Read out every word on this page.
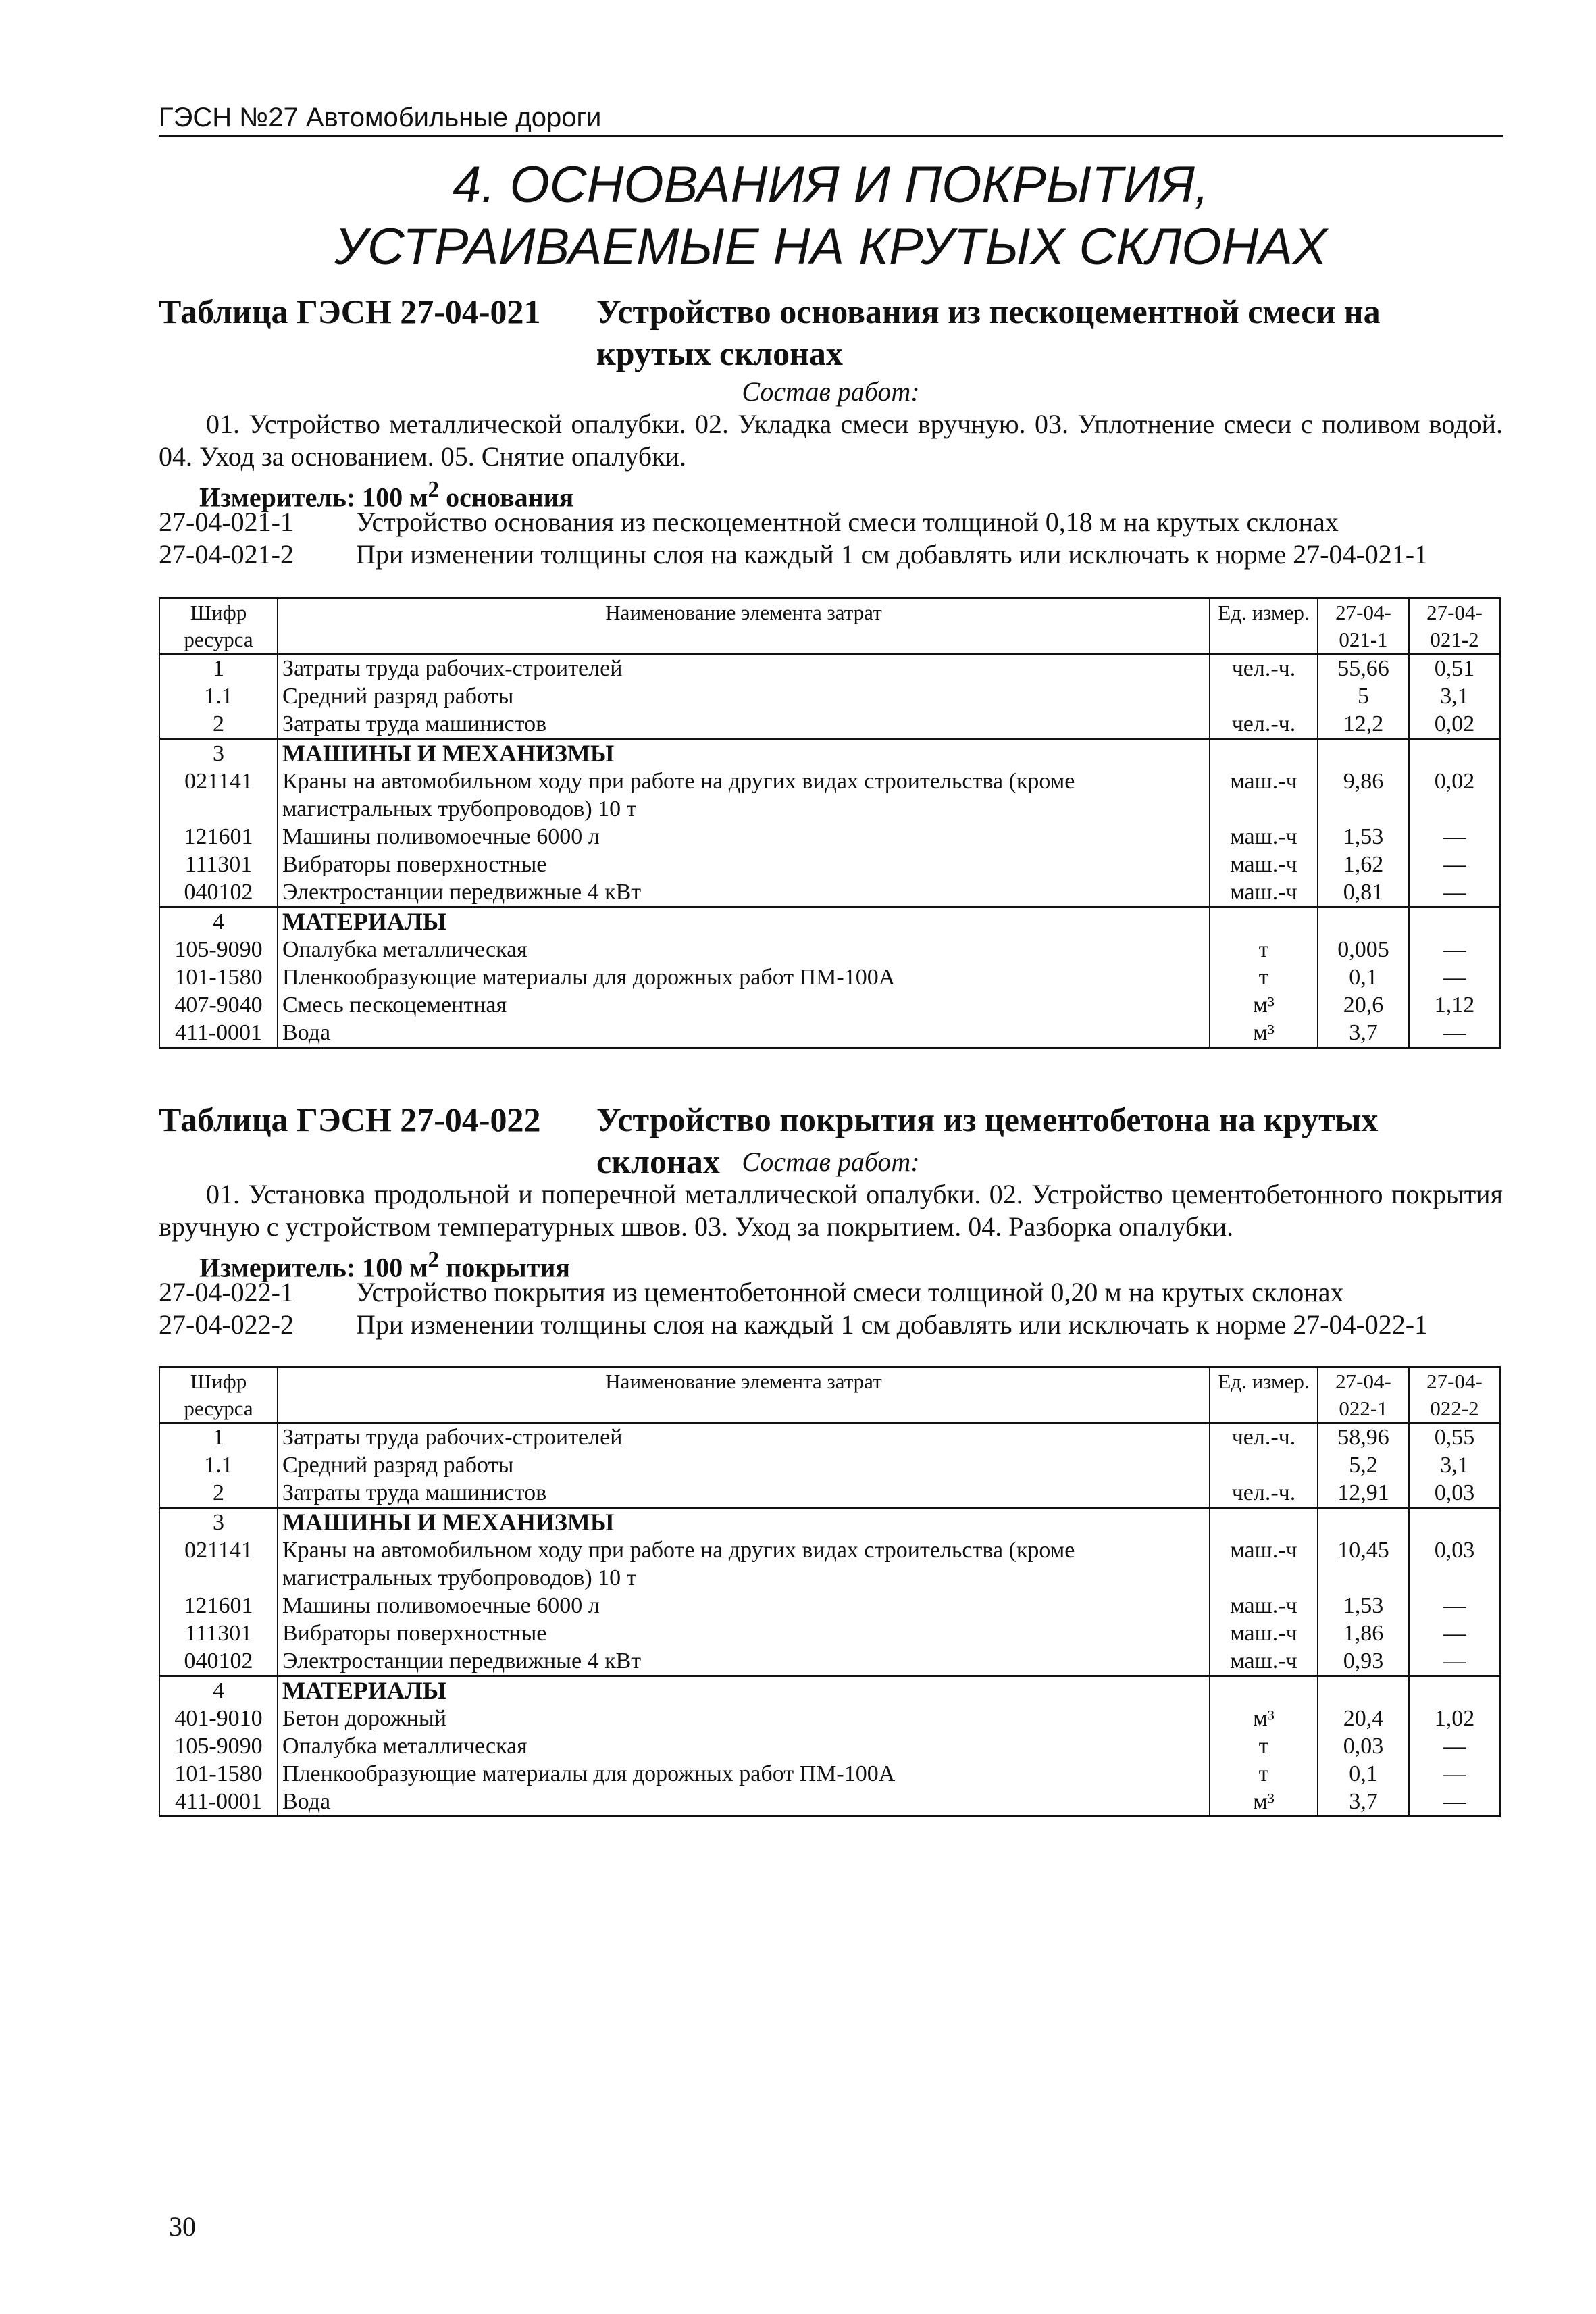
ГЭСН №27 Автомобильные дороги
4. ОСНОВАНИЯ И ПОКРЫТИЯ,
УСТРАИВАЕМЫЕ НА КРУТЫХ СКЛОНАХ
Таблица ГЭСН 27-04-021 Устройство основания из пескоцементной смеси на крутых склонах
Состав работ:
01. Устройство металлической опалубки. 02. Укладка смеси вручную. 03. Уплотнение смеси с поливом водой. 04. Уход за основанием. 05. Снятие опалубки.
Измеритель: 100 $м^2$ основания
27-04-021-1 Устройство основания из пескоцементной смеси толщиной 0,18 м на крутых склонах
27-04-021-2 При изменении толщины слоя на каждый 1 см добавлять или исключать к норме 27-04-021-1
Шифр ресурса	Наименование элемента затрат	Ед. измер.	27-04-021-1	27-04-021-2
1	Затраты труда рабочих-строителей	чел.-ч.	55,66	0,51
1.1	Средний разряд работы		5	3,1
2	Затраты труда машинистов	чел.-ч.	12,2	0,02
3	МАШИНЫ И МЕХАНИЗМЫ			
021141	Краны на автомобильном ходу при работе на других видах строительства (кроме магистральных трубопроводов) 10 т	маш.-ч	9,86	0,02
121601	Машины поливомоечные 6000 л	маш.-ч	1,53	—
111301	Вибраторы поверхностные	маш.-ч	1,62	—
040102	Электростанции передвижные 4 кВт	маш.-ч	0,81	—
4	МАТЕРИАЛЫ			
105-9090	Опалубка металлическая	т	0,005	—
101-1580	Пленкообразующие материалы для дорожных работ ПМ-100А	т	0,1	—
407-9040	Смесь пескоцементная	м³	20,6	1,12
411-0001	Вода	м³	3,7	—
Таблица ГЭСН 27-04-022 Устройство покрытия из цементобетона на крутых склонах Состав работ:
01. Установка продольной и поперечной металлической опалубки. 02. Устройство цементобетонного покрытия вручную с устройством температурных швов. 03. Уход за покрытием. 04. Разборка опалубки.
Измеритель: 100 $м^2$ покрытия
27-04-022-1 Устройство покрытия из цементобетонной смеси толщиной 0,20 м на крутых склонах
27-04-022-2 При изменении толщины слоя на каждый 1 см добавлять или исключать к норме 27-04-022-1
Шифр ресурса	Наименование элемента затрат	Ед. измер.	27-04-022-1	27-04-022-2
1	Затраты труда рабочих-строителей	чел.-ч.	58,96	0,55
1.1	Средний разряд работы		5,2	3,1
2	Затраты труда машинистов	чел.-ч.	12,91	0,03
3	МАШИНЫ И МЕХАНИЗМЫ			
021141	Краны на автомобильном ходу при работе на других видах строительства (кроме магистральных трубопроводов) 10 т	маш.-ч	10,45	0,03
121601	Машины поливомоечные 6000 л	маш.-ч	1,53	—
111301	Вибраторы поверхностные	маш.-ч	1,86	—
040102	Электростанции передвижные 4 кВт	маш.-ч	0,93	—
4	МАТЕРИАЛЫ			
401-9010	Бетон дорожный	м³	20,4	1,02
105-9090	Опалубка металлическая	т	0,03	—
101-1580	Пленкообразующие материалы для дорожных работ ПМ-100А	т	0,1	—
411-0001	Вода	м³	3,7	—
30
